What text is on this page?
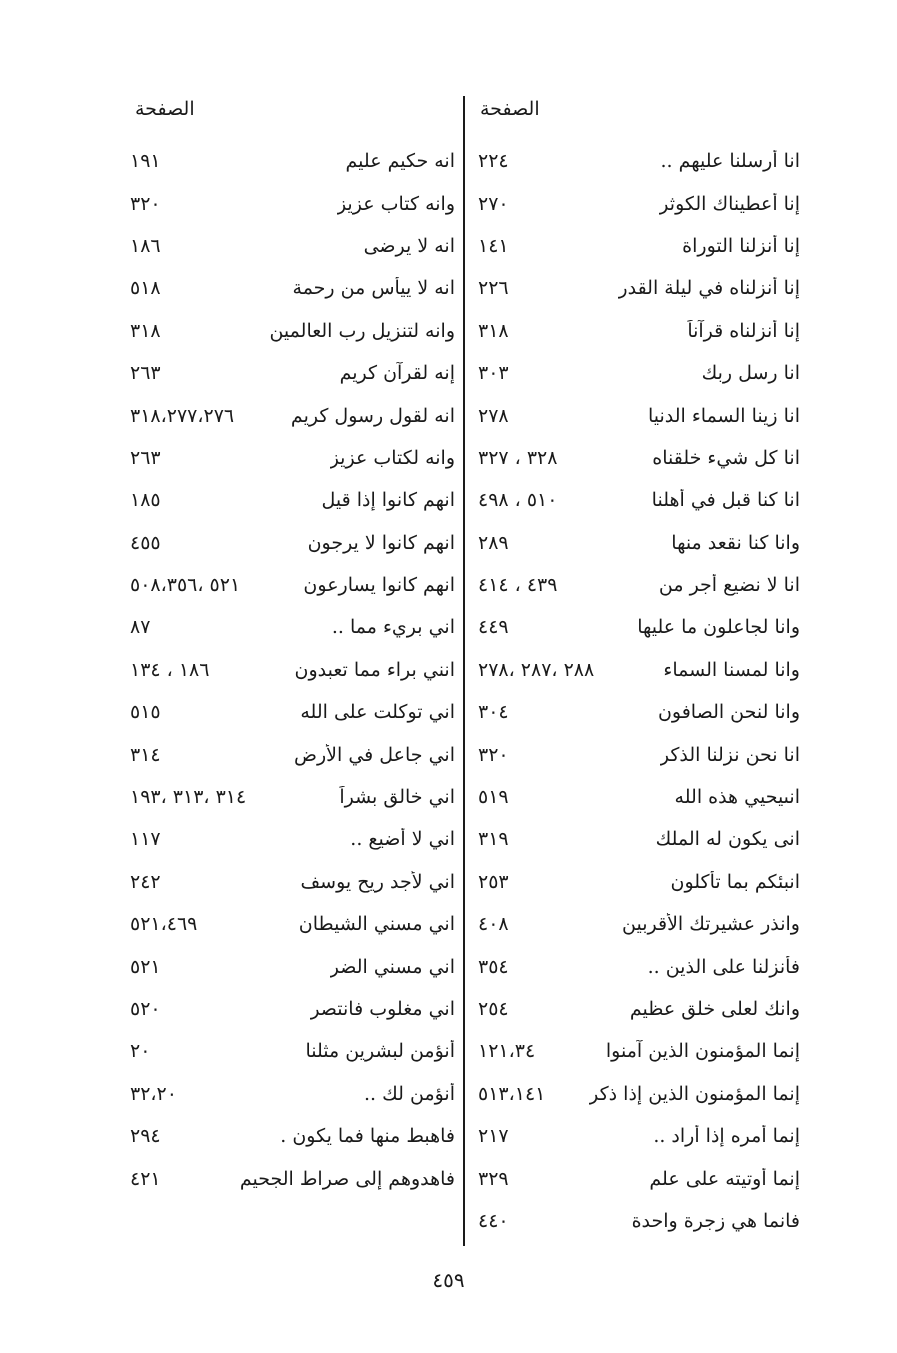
الصفحة
الصفحة
٢٢٤	انا أرسلنا عليهم ..
٢٧٠	إنا أعطيناك الكوثر
١٤١	إنا أنزلنا التوراة
٢٢٦	إنا أنزلناه في ليلة القدر
٣١٨	إنا أنزلناه قرآناً
٣٠٣	انا رسل ربك
٢٧٨	انا زينا السماء الدنيا
٣٢٨ ، ٣٢٧	انا كل شيء خلقناه
٥١٠ ، ٤٩٨	انا كنا قبل في أهلنا
٢٨٩	وانا كنا نقعد منها
٤٣٩ ، ٤١٤	انا لا نضيع أجر من
٤٤٩	وانا لجاعلون ما عليها
٢٨٨ ،٢٨٧ ،٢٧٨	وانا لمسنا السماء
٣٠٤	وانا لنحن الصافون
٣٢٠	انا نحن نزلنا الذكر
٥١٩	انىيحيي هذه الله
٣١٩	انى يكون له الملك
٢٥٣	انبئكم بما تأكلون
٤٠٨	وانذر عشيرتك الأقربين
٣٥٤	فأنزلنا على الذين ..
٢٥٤	وانك لعلى خلق عظيم
١٢١،٣٤	إنما المؤمنون الذين آمنوا
٥١٣،١٤١ إنما المؤمنون الذين إذا ذكر
٢١٧	إنما أمره إذا أراد ..
٣٢٩	إنما أوتيته على علم
٤٤٠	فانما هي زجرة واحدة
١٩١	انه حكيم عليم
٣٢٠	وانه كتاب عزيز
١٨٦	انه لا يرضى
٥١٨	انه لا ييأس من رحمة
٣١٨	وانه لتنزيل رب العالمين
٢٦٣	إنه لقرآن كريم
٣١٨،٢٧٧،٢٧٦	انه لقول رسول كريم
٢٦٣	وانه لكتاب عزيز
١٨٥	انهم كانوا إذا قيل
٤٥٥	انهم كانوا لا يرجون
٥٢١ ،٥٠٨،٣٥٦	انهم كانوا يسارعون
٨٧	اني بريء مما ..
١٨٦ ، ١٣٤	انني براء مما تعبدون
٥١٥	اني توكلت على الله
٣١٤	اني جاعل في الأرض
٣١٤ ،٣١٣ ،١٩٣	اني خالق بشراً
١١٧	اني لا أضيع ..
٢٤٢	اني لأجد ريح يوسف
٥٢١،٤٦٩	اني مسني الشيطان
٥٢١	اني مسني الضر
٥٢٠	اني مغلوب فانتصر
٢٠	أنؤمن لبشرين مثلنا
٣٢،٢٠	أنؤمن لك ..
٢٩٤	فاهبط منها فما يكون .
٤٢١	فاهدوهم إلى صراط الجحيم
٤٥٩
